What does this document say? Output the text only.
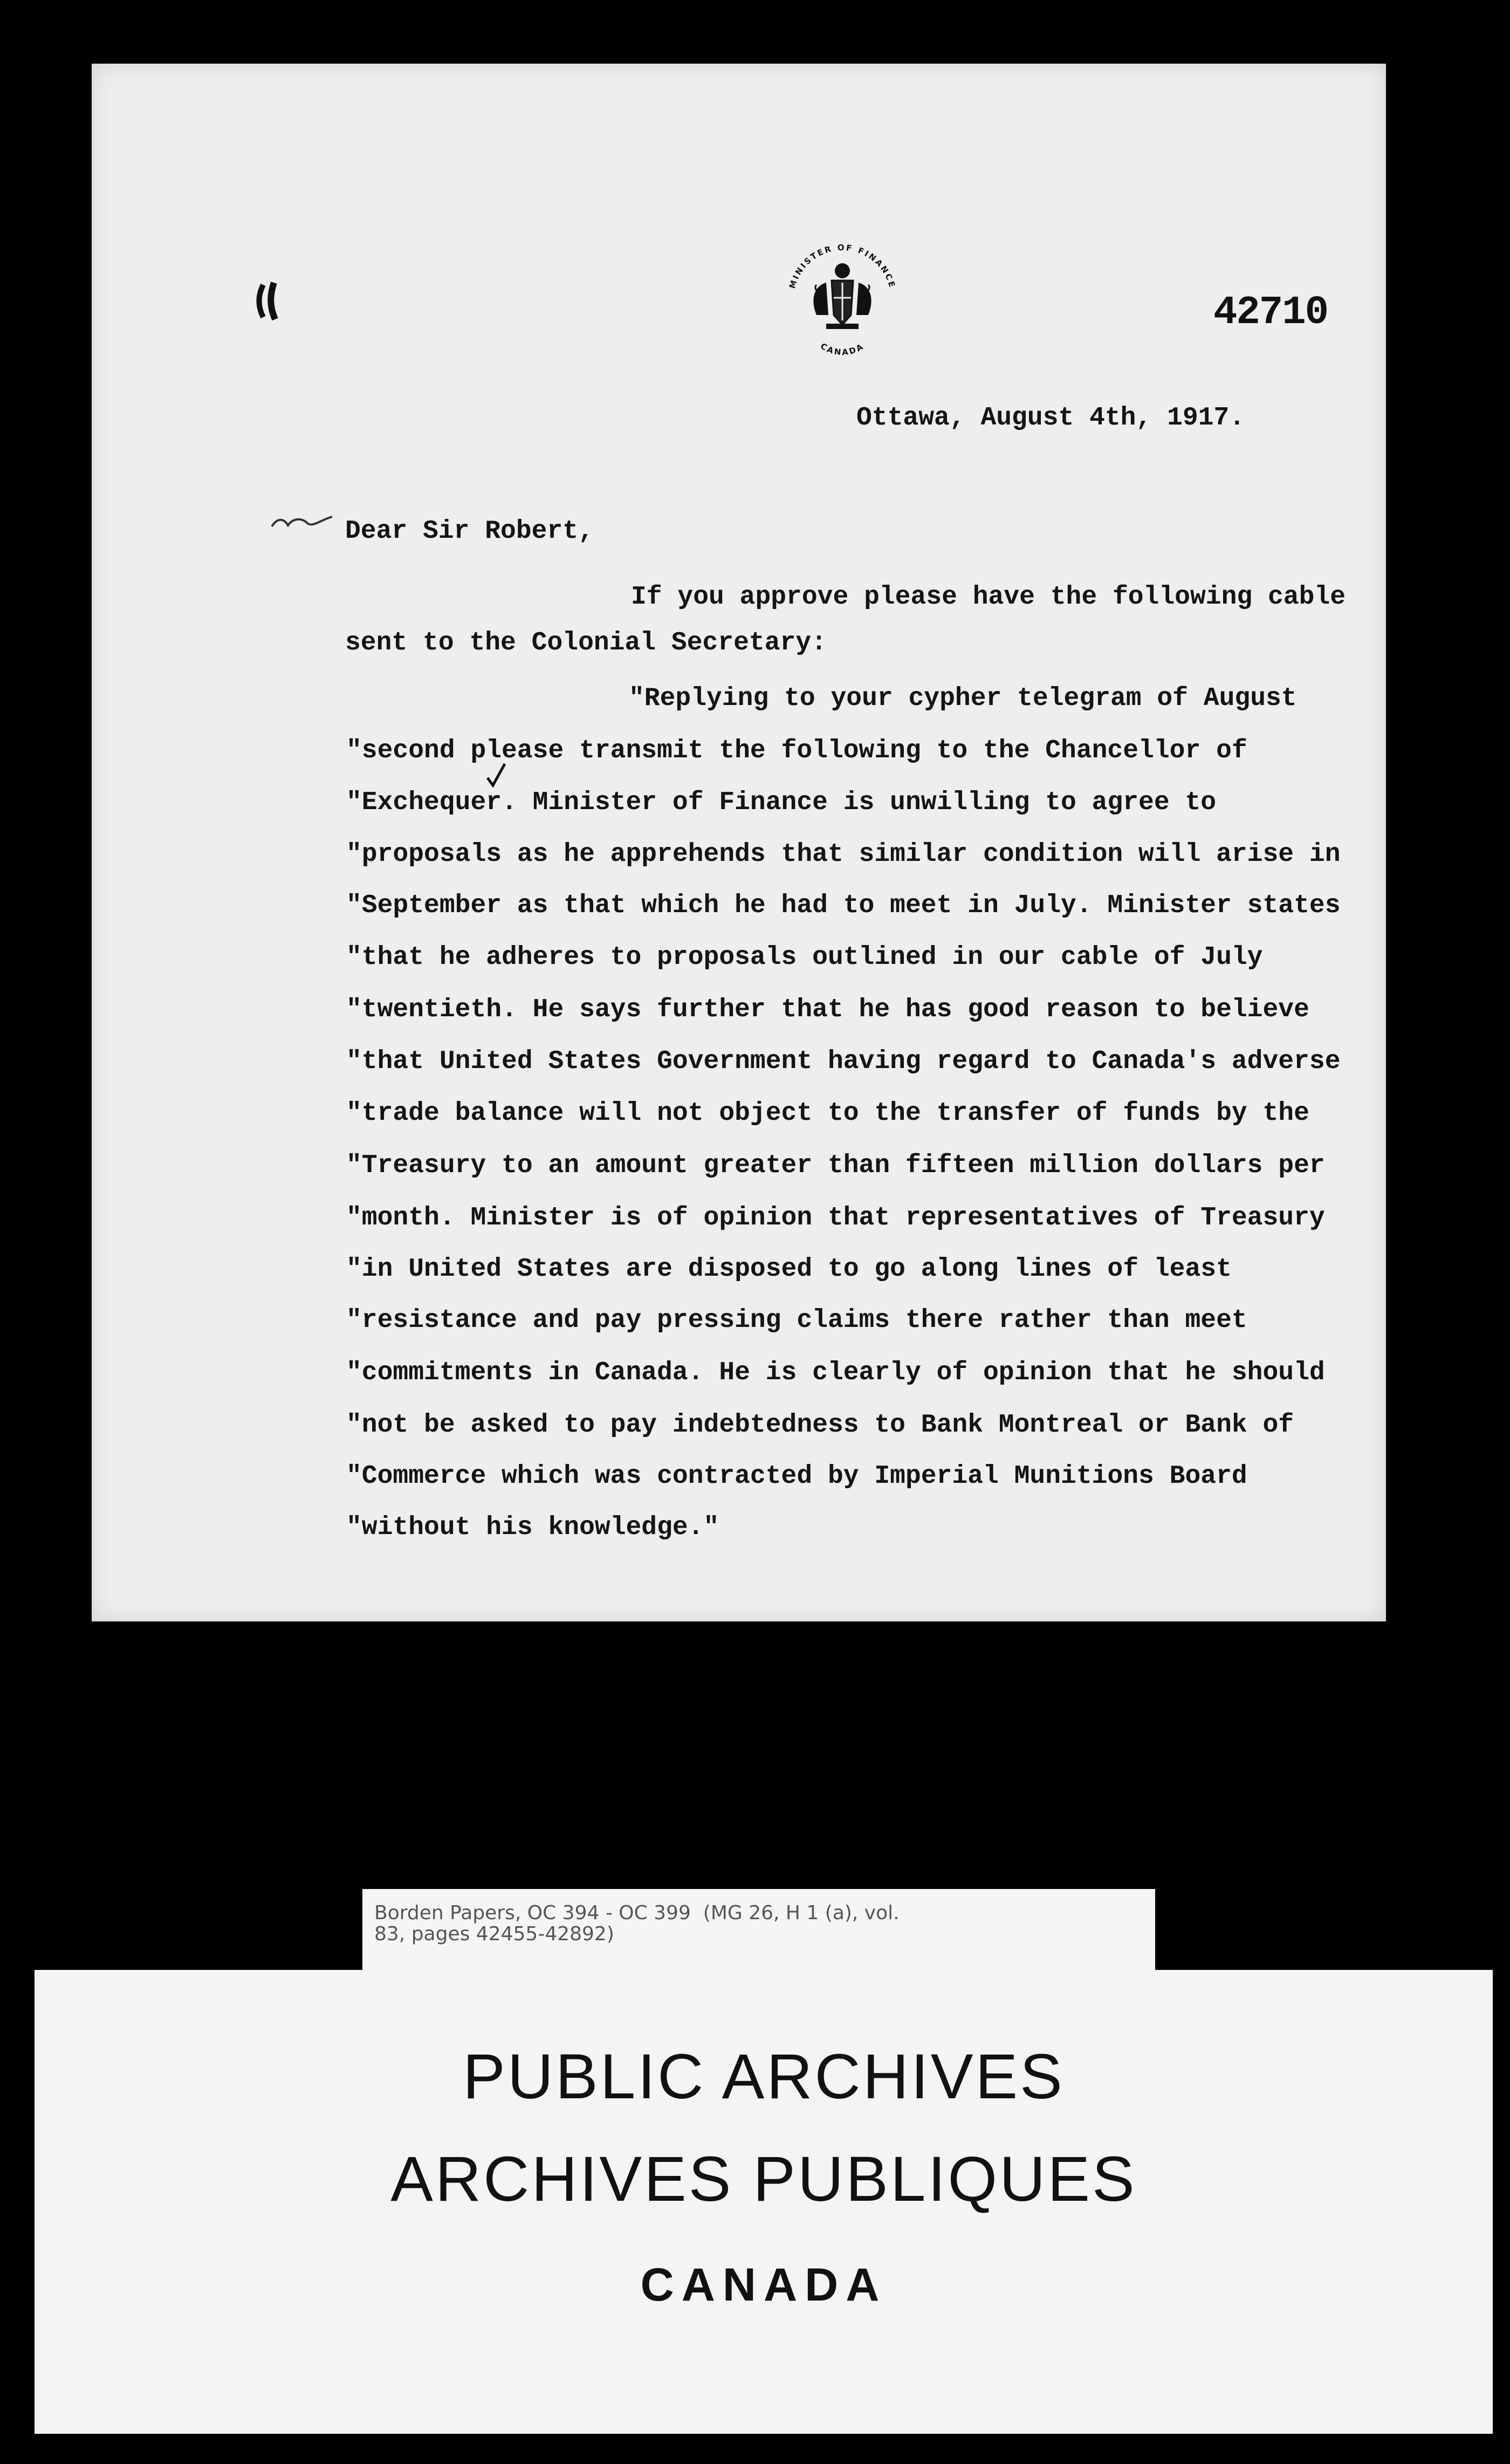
MINISTER OF FINANCE
CANADA
42710
Ottawa, August 4th, 1917.
Dear Sir Robert,
If you approve please have the following cable
sent to the Colonial Secretary:
"Replying to your cypher telegram of August
"second please transmit the following to the Chancellor of
"Exchequer. Minister of Finance is unwilling to agree to
"proposals as he apprehends that similar condition will arise in
"September as that which he had to meet in July. Minister states
"that he adheres to proposals outlined in our cable of July
"twentieth. He says further that he has good reason to believe
"that United States Government having regard to Canada's adverse
"trade balance will not object to the transfer of funds by the
"Treasury to an amount greater than fifteen million dollars per
"month. Minister is of opinion that representatives of Treasury
"in United States are disposed to go along lines of least
"resistance and pay pressing claims there rather than meet
"commitments in Canada. He is clearly of opinion that he should
"not be asked to pay indebtedness to Bank Montreal or Bank of
"Commerce which was contracted by Imperial Munitions Board
"without his knowledge."
Borden Papers, OC 394 - OC 399  (MG 26, H 1 (a), vol.
83, pages 42455-42892)
PUBLIC ARCHIVES
ARCHIVES PUBLIQUES
CANADA
